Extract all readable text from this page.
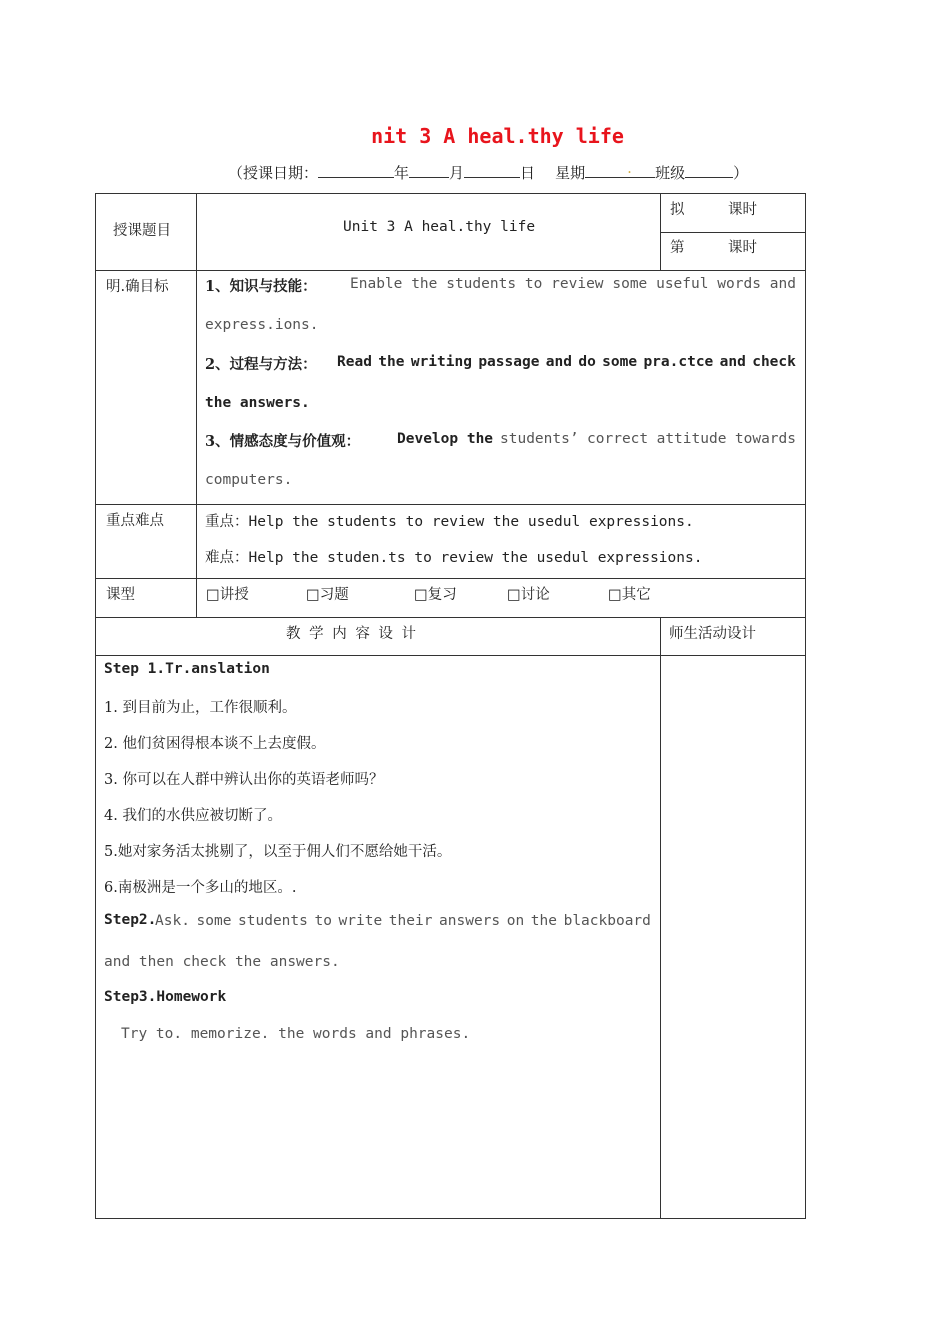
nit 3 A heal.thy life
（授课日期：	年	月	日 星期	. 班级	）
授课题目	Unit 3 A heal.thy life
拟	课时
第	课时
明.确目标	1、知识与技能： Enable the students to review some useful words and
express.ions.
2、过程与方法： Read the writing passage and do some pra.ctce and check
the answers.
3、情感态度与价值观：	Develop the students’ correct attitude towards
computers.
重点难点	重点：Help the students to review the usedul expressions.
难点：Help the studen.ts to review the usedul expressions.
课型	□讲授	□习题	□复习	□讨论	□其它
教 学 内 容 设 计	师生活动设计
Step 1.Tr.anslation
1. 到目前为止，工作很顺利。
2. 他们贫困得根本谈不上去度假。
3. 你可以在人群中辨认出你的英语老师吗？
4. 我们的水供应被切断了。
5.她对家务活太挑剔了，以至于佣人们不愿给她干活。
6.南极洲是一个多山的地区。.
Step2.
Ask. some students to write their answers on the blackboard
and then check the answers.
Step3.Homework
Try to. memorize. the words and phrases.
